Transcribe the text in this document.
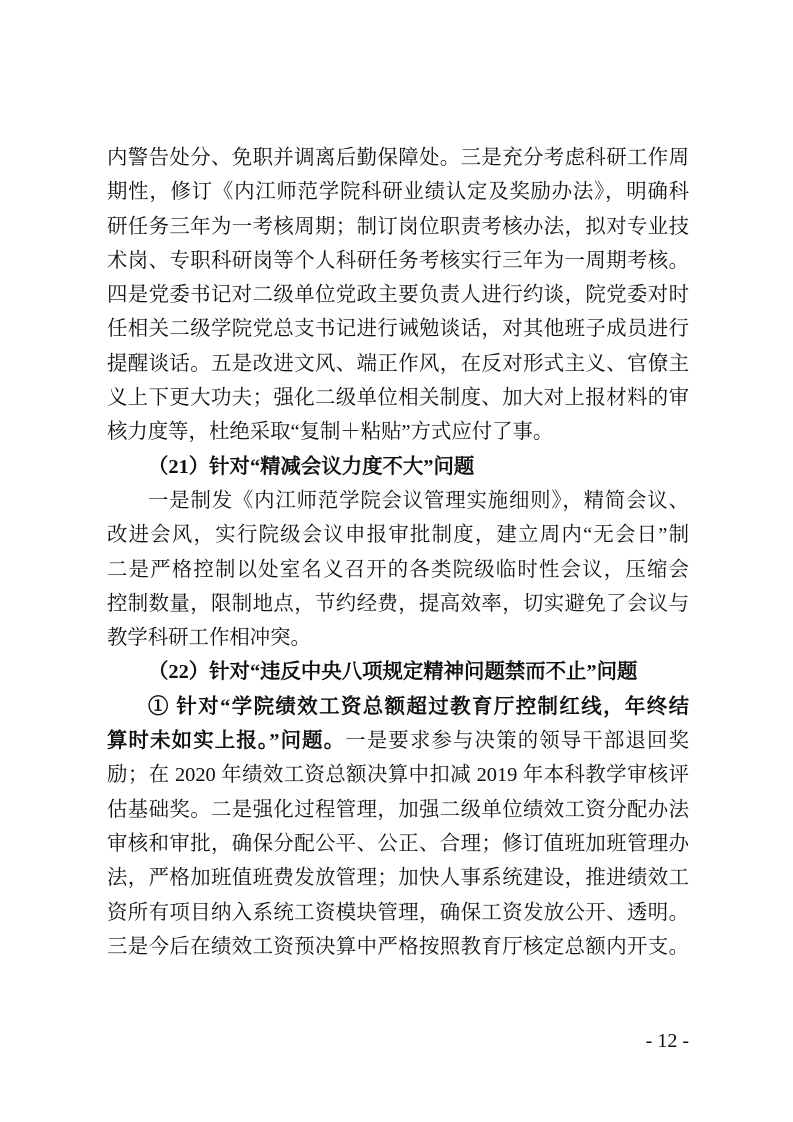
内警告处分、免职并调离后勤保障处。三是充分考虑科研工作周
期性，修订《内江师范学院科研业绩认定及奖励办法》，明确科
研任务三年为一考核周期；制订岗位职责考核办法，拟对专业技
术岗、专职科研岗等个人科研任务考核实行三年为一周期考核。
四是党委书记对二级单位党政主要负责人进行约谈，院党委对时
任相关二级学院党总支书记进行诫勉谈话，对其他班子成员进行
提醒谈话。五是改进文风、端正作风，在反对形式主义、官僚主
义上下更大功夫；强化二级单位相关制度、加大对上报材料的审
核力度等，杜绝采取“复制＋粘贴”方式应付了事。
（21）针对“精减会议力度不大”问题
一是制发《内江师范学院会议管理实施细则》，精简会议、
改进会风，实行院级会议申报审批制度，建立周内“无会日”制
二是严格控制以处室名义召开的各类院级临时性会议，压缩会
控制数量，限制地点，节约经费，提高效率，切实避免了会议与
教学科研工作相冲突。
（22）针对“违反中央八项规定精神问题禁而不止”问题
① 针对“学院绩效工资总额超过教育厅控制红线，年终结
算时未如实上报。”问题。一是要求参与决策的领导干部退回奖
励；在 2020 年绩效工资总额决算中扣减 2019 年本科教学审核评
估基础奖。二是强化过程管理，加强二级单位绩效工资分配办法
审核和审批，确保分配公平、公正、合理；修订值班加班管理办
法，严格加班值班费发放管理；加快人事系统建设，推进绩效工
资所有项目纳入系统工资模块管理，确保工资发放公开、透明。
三是今后在绩效工资预决算中严格按照教育厅核定总额内开支。
- 12 -
